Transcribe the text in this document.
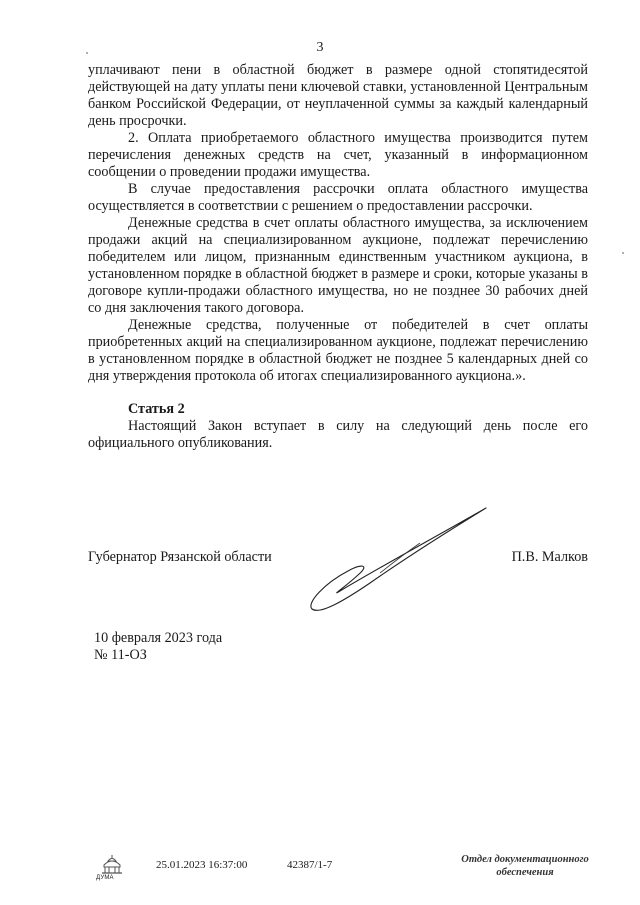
3

уплачивают пени в областной бюджет в размере одной стопятидесятой действующей на дату уплаты пени ключевой ставки, установленной Центральным банком Российской Федерации, от неуплаченной суммы за каждый календарный день просрочки.

2. Оплата приобретаемого областного имущества производится путем перечисления денежных средств на счет, указанный в информационном сообщении о проведении продажи имущества.

В случае предоставления рассрочки оплата областного имущества осуществляется в соответствии с решением о предоставлении рассрочки.

Денежные средства в счет оплаты областного имущества, за исключением продажи акций на специализированном аукционе, подлежат перечислению победителем или лицом, признанным единственным участником аукциона, в установленном порядке в областной бюджет в размере и сроки, которые указаны в договоре купли-продажи областного имущества, но не позднее 30 рабочих дней со дня заключения такого договора.

Денежные средства, полученные от победителей в счет оплаты приобретенных акций на специализированном аукционе, подлежат перечислению в установленном порядке в областной бюджет не позднее 5 календарных дней со дня утверждения протокола об итогах специализированного аукциона.».

Статья 2

Настоящий Закон вступает в силу на следующий день после его официального опубликования.

Губернатор Рязанской области	П.В. Малков
10 февраля 2023 года
№ 11-ОЗ
ДУМА
25.01.2023 16:37:00	42387/1-7	Отдел документационного
обеспечения
